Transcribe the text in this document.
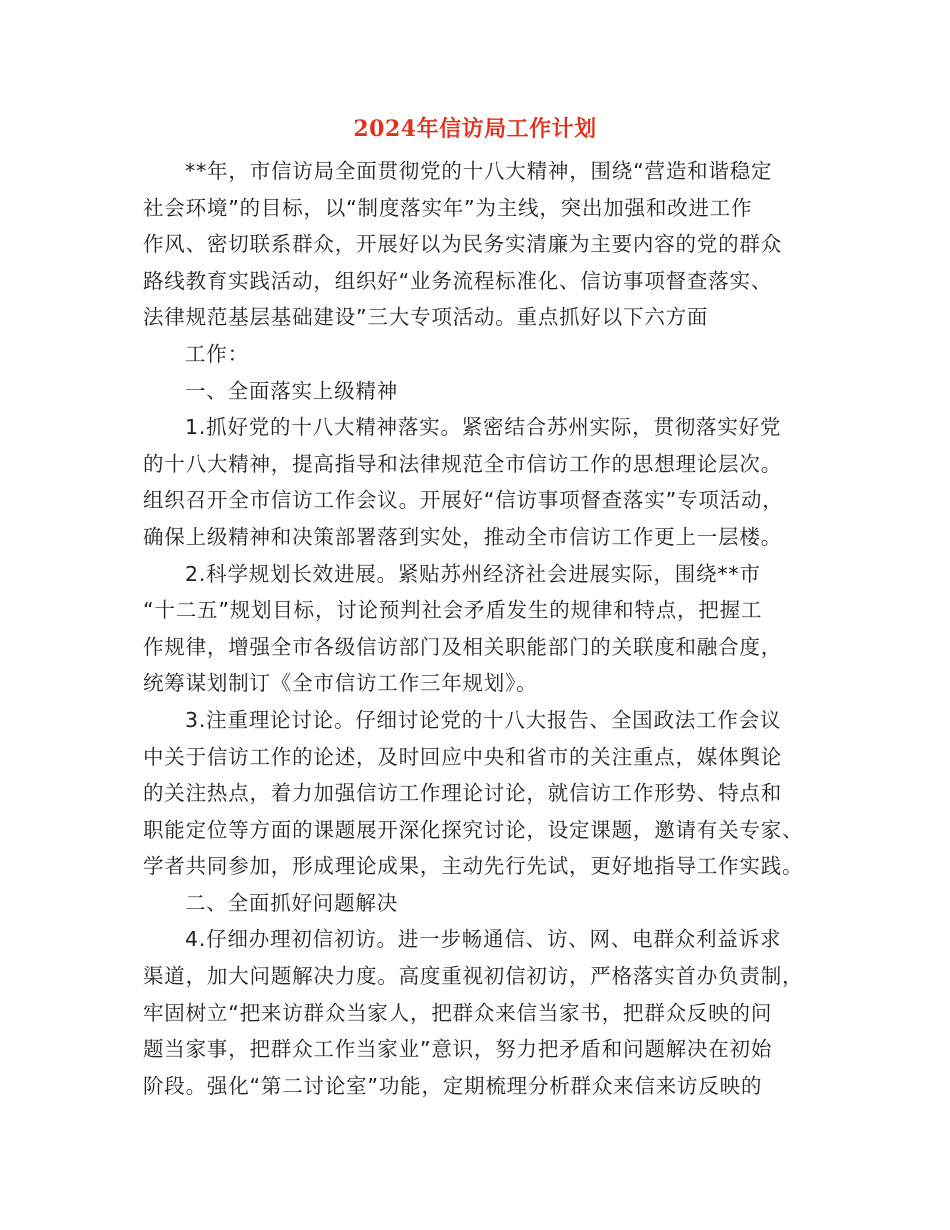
2024年信访局工作计划
**年，市信访局全面贯彻党的十八大精神，围绕“营造和谐稳定
社会环境”的目标，以“制度落实年”为主线，突出加强和改进工作
作风、密切联系群众，开展好以为民务实清廉为主要内容的党的群众
路线教育实践活动，组织好“业务流程标准化、信访事项督查落实、
法律规范基层基础建设”三大专项活动。重点抓好以下六方面
工作：
一、全面落实上级精神
1.抓好党的十八大精神落实。紧密结合苏州实际，贯彻落实好党
的十八大精神，提高指导和法律规范全市信访工作的思想理论层次。
组织召开全市信访工作会议。开展好“信访事项督查落实”专项活动，
确保上级精神和决策部署落到实处，推动全市信访工作更上一层楼。
2.科学规划长效进展。紧贴苏州经济社会进展实际，围绕**市
“十二五”规划目标，讨论预判社会矛盾发生的规律和特点，把握工
作规律，增强全市各级信访部门及相关职能部门的关联度和融合度，
统筹谋划制订《全市信访工作三年规划》。
3.注重理论讨论。仔细讨论党的十八大报告、全国政法工作会议
中关于信访工作的论述，及时回应中央和省市的关注重点，媒体舆论
的关注热点，着力加强信访工作理论讨论，就信访工作形势、特点和
职能定位等方面的课题展开深化探究讨论，设定课题，邀请有关专家、
学者共同参加，形成理论成果，主动先行先试，更好地指导工作实践。
二、全面抓好问题解决
4.仔细办理初信初访。进一步畅通信、访、网、电群众利益诉求
渠道，加大问题解决力度。高度重视初信初访，严格落实首办负责制，
牢固树立“把来访群众当家人，把群众来信当家书，把群众反映的问
题当家事，把群众工作当家业”意识，努力把矛盾和问题解决在初始
阶段。强化“第二讨论室”功能，定期梳理分析群众来信来访反映的
